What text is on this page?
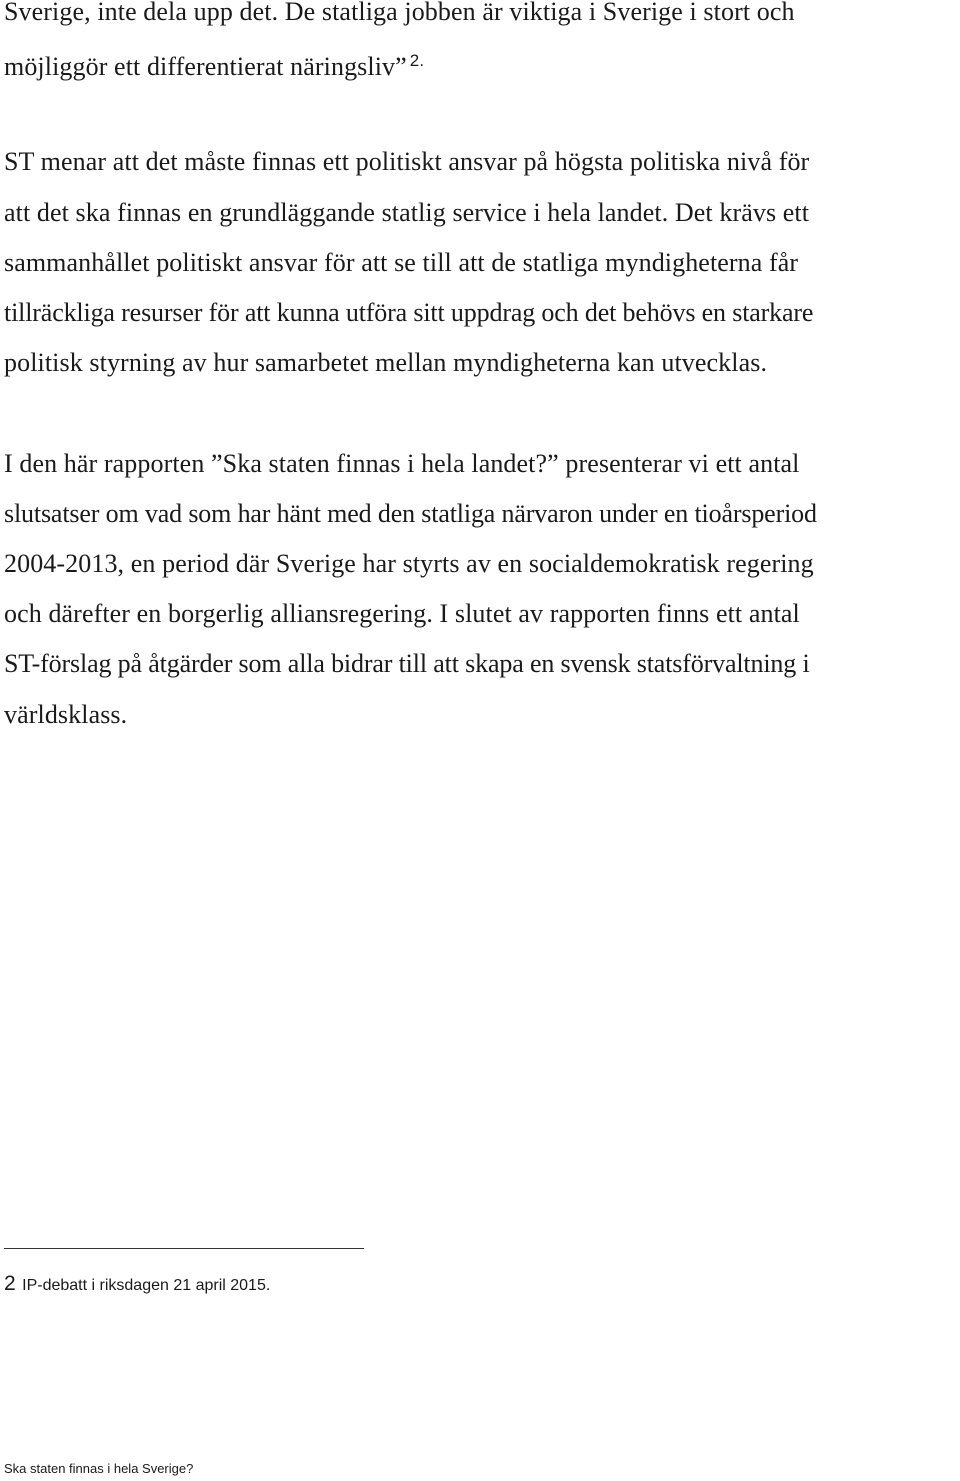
Sverige, inte dela upp det. De statliga jobben är viktiga i Sverige i stort och
möjliggör ett differentierat näringsliv” $^{2.}$
ST menar att det måste finnas ett politiskt ansvar på högsta politiska nivå för
att det ska finnas en grundläggande statlig service i hela landet. Det krävs ett
sammanhållet politiskt ansvar för att se till att de statliga myndigheterna får
tillräckliga resurser för att kunna utföra sitt uppdrag och det behövs en starkare
politisk styrning av hur samarbetet mellan myndigheterna kan utvecklas.
I den här rapporten ”Ska staten finnas i hela landet?” presenterar vi ett antal
slutsatser om vad som har hänt med den statliga närvaron under en tioårsperiod
2004-2013, en period där Sverige har styrts av en socialdemokratisk regering
och därefter en borgerlig alliansregering. I slutet av rapporten finns ett antal
ST-förslag på åtgärder som alla bidrar till att skapa en svensk statsförvaltning i
världsklass.
2 IP-debatt i riksdagen 21 april 2015.
Ska staten finnas i hela Sverige?
